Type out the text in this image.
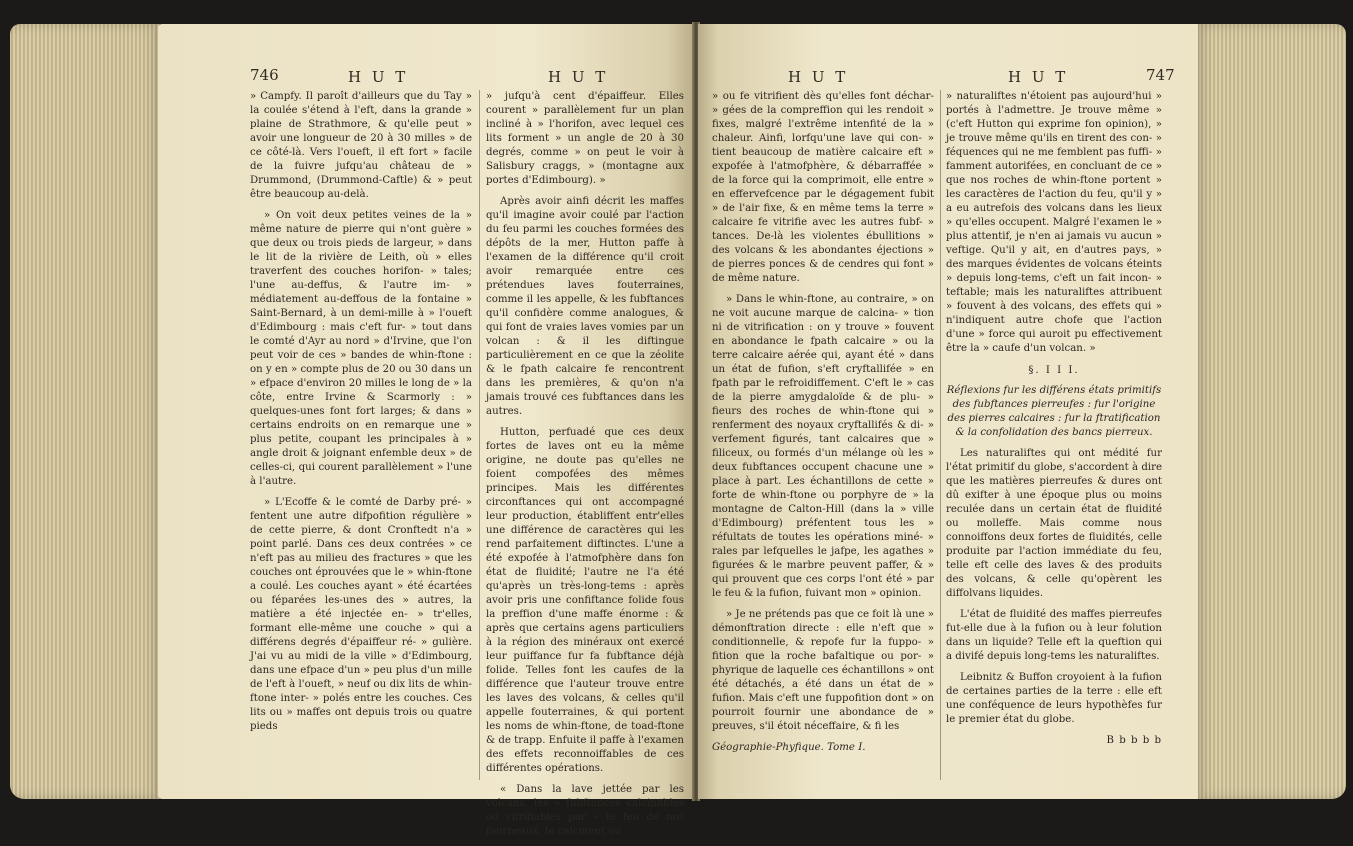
746	H U T	H U T

» Campfy. Il paroît d'ailleurs que du Tay » la coulée s'étend à l'eft, dans la grande » plaine de Strathmore, & qu'elle peut » avoir une longueur de 20 à 30 milles » de ce côté-là. Vers l'oueft, il eft fort » facile de la fuivre jufqu'au château de » Drummond, (Drummond-Caftle) & » peut être beaucoup au-delà.

» On voit deux petites veines de la » même nature de pierre qui n'ont guère » que deux ou trois pieds de largeur, » dans le lit de la rivière de Leith, où » elles traverfent des couches horifon- » tales; l'une au-deffus, & l'autre im- » médiatement au-deffous de la fontaine » Saint-Bernard, à un demi-mille à » l'oueft d'Edimbourg : mais c'eft fur- » tout dans le comté d'Ayr au nord » d'Irvine, que l'on peut voir de ces » bandes de whin-ftone : on y en » compte plus de 20 ou 30 dans un » efpace d'environ 20 milles le long de » la côte, entre Irvine & Scarmorly : » quelques-unes font fort larges; & dans » certains endroits on en remarque une » plus petite, coupant les principales à » angle droit & joignant enfemble deux » de celles-ci, qui courent parallèlement » l'une à l'autre.

» L'Ecoffe & le comté de Darby pré- » fentent une autre difpofition régulière » de cette pierre, & dont Cronftedt n'a » point parlé. Dans ces deux contrées » ce n'eft pas au milieu des fractures » que les couches ont éprouvées que le » whin-ftone a coulé. Les couches ayant » été écartées ou féparées les-unes des » autres, la matière a été injectée en- » tr'elles, formant elle-même une couche » qui a différens degrés d'épaiffeur ré- » gulière. J'ai vu au midi de la ville » d'Edimbourg, dans une efpace d'un » peu plus d'un mille de l'eft à l'oueft, » neuf ou dix lits de whin-ftone inter- » polés entre les couches. Ces lits ou » maffes ont depuis trois ou quatre pieds

» jufqu'à cent d'épaiffeur. Elles courent » parallèlement fur un plan incliné à » l'horifon, avec lequel ces lits forment » un angle de 20 à 30 degrés, comme » on peut le voir à Salisbury craggs, » (montagne aux portes d'Edimbourg). »

Après avoir ainfi décrit les maffes qu'il imagine avoir coulé par l'action du feu parmi les couches formées des dépôts de la mer, Hutton paffe à l'examen de la différence qu'il croit avoir remarquée entre ces prétendues laves fouterraines, comme il les appelle, & les fubftances qu'il confidère comme analogues, & qui font de vraies laves vomies par un volcan : & il les diftingue particulièrement en ce que la zéolite & le fpath calcaire fe rencontrent dans les premières, & qu'on n'a jamais trouvé ces fubftances dans les autres.

Hutton, perfuadé que ces deux fortes de laves ont eu la même origine, ne doute pas qu'elles ne foient compofées des mêmes principes. Mais les différentes circonftances qui ont accompagné leur production, établiffent entr'elles une différence de caractères qui les rend parfaitement diftinctes. L'une a été expofée à l'atmofphère dans fon état de fluidité; l'autre ne l'a été qu'après un très-long-tems : après avoir pris une confiftance folide fous la preffion d'une maffe énorme : & après que certains agens particuliers à la région des minéraux ont exercé leur puiffance fur fa fubftance déjà folide. Telles font les caufes de la différence que l'auteur trouve entre les laves des volcans, & celles qu'il appelle fouterraines, & qui portent les noms de whin-ftone, de toad-ftone & de trapp. Enfuite il paffe à l'examen des effets reconnoiffables de ces différentes opérations.

« Dans la lave jettée par les volcans, les » fubftances calcinables ou vitrifiables par » le feu de nos fourneaux, fe calcinent ou

H U T	H U T	747

» ou fe vitrifient dès qu'elles font déchar- » gées de la compreffion qui les rendoit » fixes, malgré l'extrême intenfité de la » chaleur. Ainfi, lorfqu'une lave qui con- » tient beaucoup de matière calcaire eft » expofée à l'atmofphère, & débarraffée » de la force qui la comprimoit, elle entre » en effervefcence par le dégagement fubit » de l'air fixe, & en même tems la terre » calcaire fe vitrifie avec les autres fubf- » tances. De-là les violentes ébullitions » des volcans & les abondantes éjections » de pierres ponces & de cendres qui font » de même nature.

» Dans le whin-ftone, au contraire, » on ne voit aucune marque de calcina- » tion ni de vitrification : on y trouve » fouvent en abondance le fpath calcaire » ou la terre calcaire aérée qui, ayant été » dans un état de fufion, s'eft cryftallifée » en fpath par le refroidiffement. C'eft le » cas de la pierre amygdaloïde & de plu- » fieurs des roches de whin-ftone qui » renferment des noyaux cryftallifés & di- » verfement figurés, tant calcaires que » filiceux, ou formés d'un mélange où les » deux fubftances occupent chacune une » place à part. Les échantillons de cette » forte de whin-ftone ou porphyre de » la montagne de Calton-Hill (dans la » ville d'Edimbourg) préfentent tous les » réfultats de toutes les opérations miné- » rales par lefquelles le jafpe, les agathes » figurées & le marbre peuvent paffer, & » qui prouvent que ces corps l'ont été » par le feu & la fufion, fuivant mon » opinion.

» Je ne prétends pas que ce foit là une » démonftration directe : elle n'eft que » conditionnelle, & repofe fur la fuppo- » fition que la roche bafaltique ou por- » phyrique de laquelle ces échantillons » ont été détachés, a été dans un état de » fufion. Mais c'eft une fuppofition dont » on pourroit fournir une abondance de » preuves, s'il étoit néceffaire, & fi les

Géographie-Phyfique. Tome I.

» naturaliftes n'étoient pas aujourd'hui » portés à l'admettre. Je trouve même » (c'eft Hutton qui exprime fon opinion), » je trouve même qu'ils en tirent des con- » féquences qui ne me femblent pas fuffi- » famment autorifées, en concluant de ce » que nos roches de whin-ftone portent » les caractères de l'action du feu, qu'il y » a eu autrefois des volcans dans les lieux » qu'elles occupent. Malgré l'examen le » plus attentif, je n'en ai jamais vu aucun » veftige. Qu'il y ait, en d'autres pays, » des marques évidentes de volcans éteints » depuis long-tems, c'eft un fait incon- » teftable; mais les naturaliftes attribuent » fouvent à des volcans, des effets qui » n'indiquent autre chofe que l'action d'une » force qui auroit pu effectivement être la » caufe d'un volcan. »

§. I I I.

Réflexions fur les différens états primitifs des fubftances pierreufes : fur l'origine des pierres calcaires : fur la ftratification & la confolidation des bancs pierreux.

Les naturaliftes qui ont médité fur l'état primitif du globe, s'accordent à dire que les matières pierreufes & dures ont dû exifter à une époque plus ou moins reculée dans un certain état de fluidité ou molleffe. Mais comme nous connoiffons deux fortes de fluidités, celle produite par l'action immédiate du feu, telle eft celle des laves & des produits des volcans, & celle qu'opèrent les diffolvans liquides.

L'état de fluidité des maffes pierreufes fut-elle due à la fufion ou à leur folution dans un liquide? Telle eft la queftion qui a divifé depuis long-tems les naturaliftes.

Leibnitz & Buffon croyoient à la fufion de certaines parties de la terre : elle eft une conféquence de leurs hypothèfes fur le premier état du globe.

B b b b b
